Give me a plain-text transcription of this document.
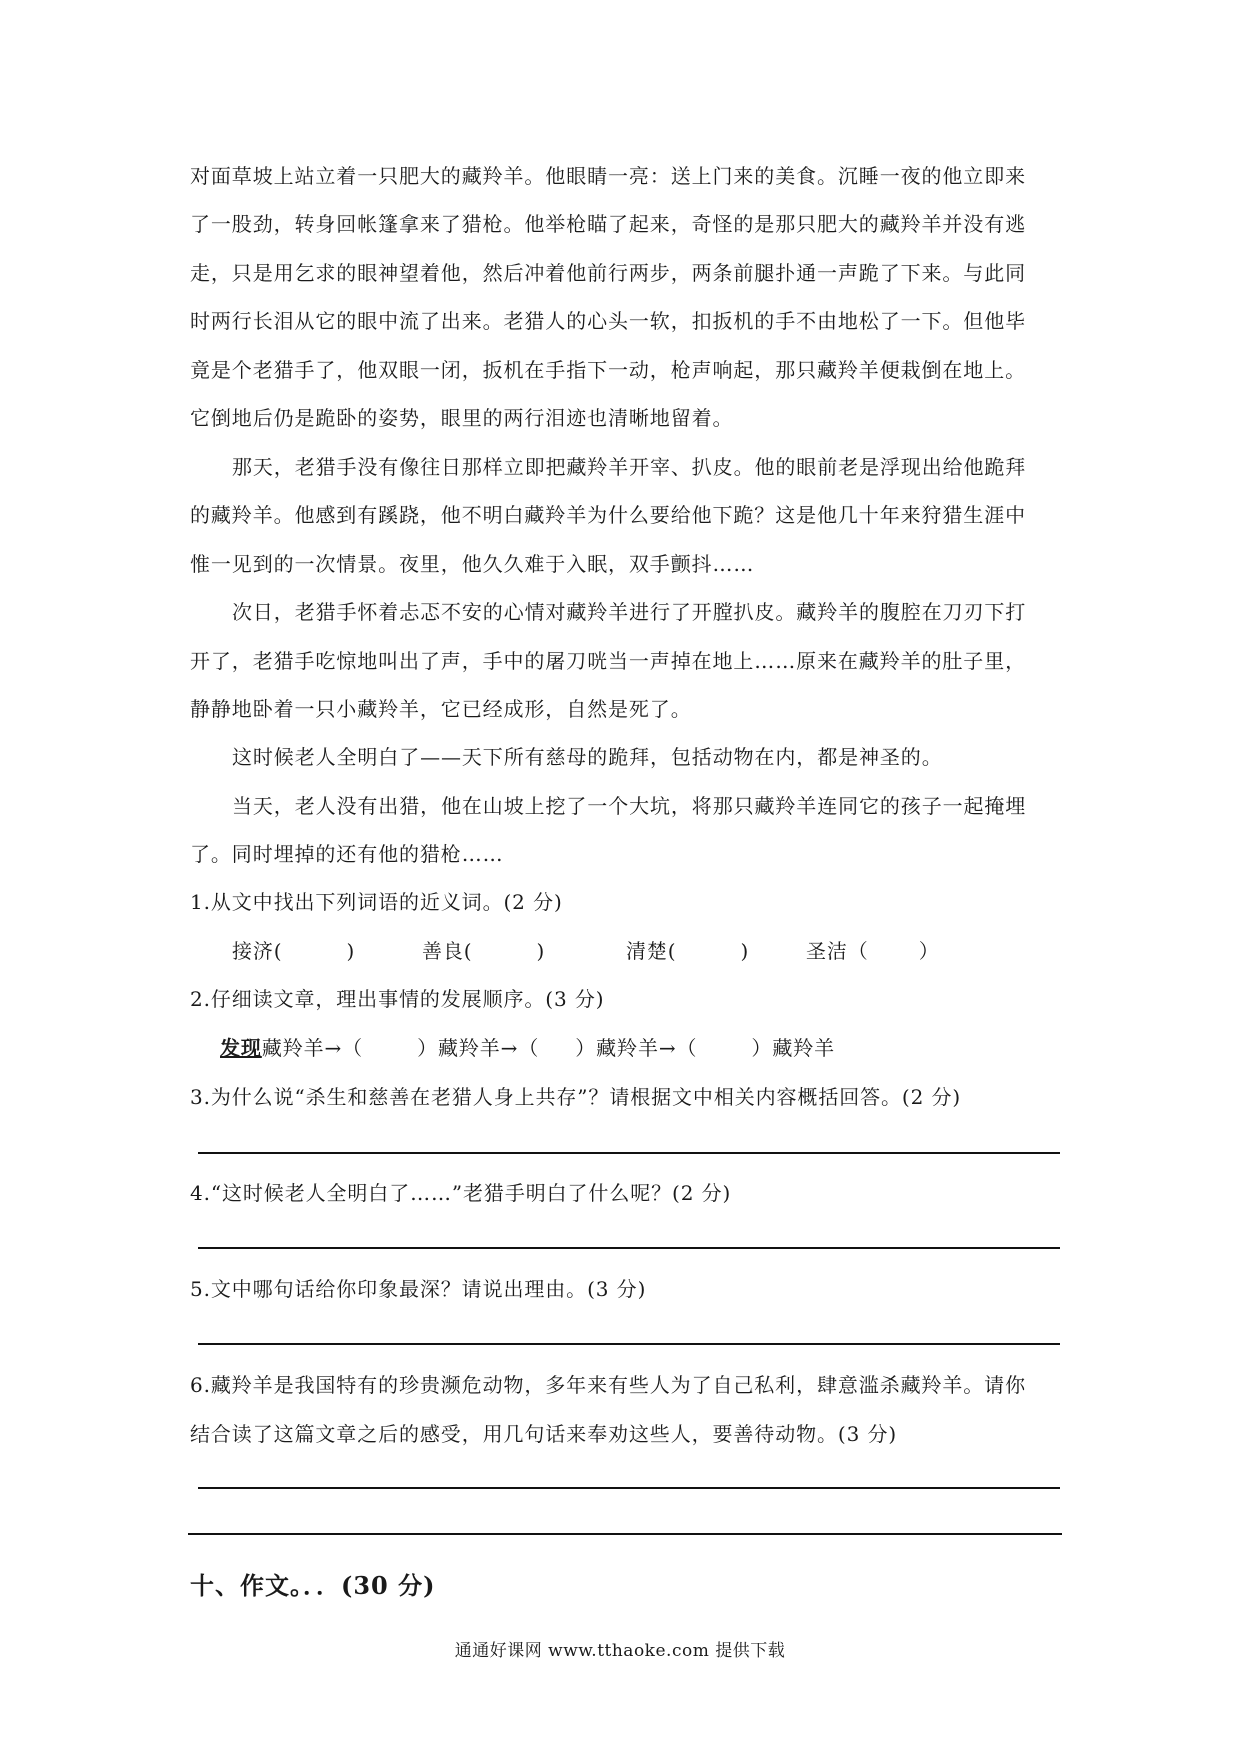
对面草坡上站立着一只肥大的藏羚羊。他眼睛一亮：送上门来的美食。沉睡一夜的他立即来
了一股劲，转身回帐篷拿来了猎枪。他举枪瞄了起来，奇怪的是那只肥大的藏羚羊并没有逃
走，只是用乞求的眼神望着他，然后冲着他前行两步，两条前腿扑通一声跪了下来。与此同
时两行长泪从它的眼中流了出来。老猎人的心头一软，扣扳机的手不由地松了一下。但他毕
竟是个老猎手了，他双眼一闭，扳机在手指下一动，枪声响起，那只藏羚羊便栽倒在地上。
它倒地后仍是跪卧的姿势，眼里的两行泪迹也清晰地留着。
那天，老猎手没有像往日那样立即把藏羚羊开宰、扒皮。他的眼前老是浮现出给他跪拜
的藏羚羊。他感到有蹊跷，他不明白藏羚羊为什么要给他下跪？这是他几十年来狩猎生涯中
惟一见到的一次情景。夜里，他久久难于入眠，双手颤抖……
次日，老猎手怀着忐忑不安的心情对藏羚羊进行了开膛扒皮。藏羚羊的腹腔在刀刃下打
开了，老猎手吃惊地叫出了声，手中的屠刀咣当一声掉在地上……原来在藏羚羊的肚子里，
静静地卧着一只小藏羚羊，它已经成形，自然是死了。
这时候老人全明白了——天下所有慈母的跪拜，包括动物在内，都是神圣的。
当天，老人没有出猎，他在山坡上挖了一个大坑，将那只藏羚羊连同它的孩子一起掩埋
了。同时埋掉的还有他的猎枪……
1.从文中找出下列词语的近义词。(2 分)
接济(	)	善良(	)	清楚(	)	圣洁（	）
2.仔细读文章，理出事情的发展顺序。(3 分)
发现藏羚羊→（	）藏羚羊→（ ）藏羚羊→（	）藏羚羊
3.为什么说“杀生和慈善在老猎人身上共存”？请根据文中相关内容概括回答。(2 分)
4.“这时候老人全明白了……”老猎手明白了什么呢？(2 分)
5.文中哪句话给你印象最深？请说出理由。(3 分)
6.藏羚羊是我国特有的珍贵濒危动物，多年来有些人为了自己私利，肆意滥杀藏羚羊。请你
结合读了这篇文章之后的感受，用几句话来奉劝这些人，要善待动物。(3 分)
十、作文。．．(30 分)
通通好课网 www.tthaoke.com 提供下载
